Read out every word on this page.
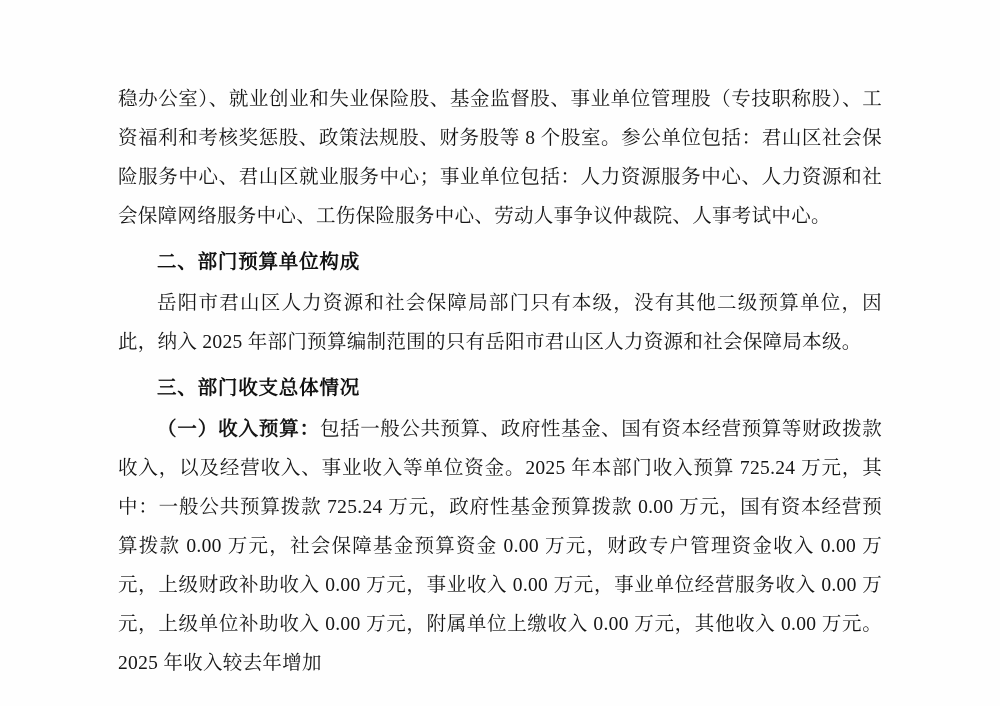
稳办公室）、就业创业和失业保险股、基金监督股、事业单位管理股（专技职称股）、工资福利和考核奖惩股、政策法规股、财务股等 8 个股室。参公单位包括：君山区社会保险服务中心、君山区就业服务中心；事业单位包括：人力资源服务中心、人力资源和社会保障网络服务中心、工伤保险服务中心、劳动人事争议仲裁院、人事考试中心。

二、部门预算单位构成

岳阳市君山区人力资源和社会保障局部门只有本级，没有其他二级预算单位，因此，纳入 2025 年部门预算编制范围的只有岳阳市君山区人力资源和社会保障局本级。

三、部门收支总体情况

（一）收入预算：包括一般公共预算、政府性基金、国有资本经营预算等财政拨款收入，以及经营收入、事业收入等单位资金。2025 年本部门收入预算 725.24 万元，其中：一般公共预算拨款 725.24 万元，政府性基金预算拨款 0.00 万元，国有资本经营预算拨款 0.00 万元，社会保障基金预算资金 0.00 万元，财政专户管理资金收入 0.00 万元，上级财政补助收入 0.00 万元，事业收入 0.00 万元，事业单位经营服务收入 0.00 万元，上级单位补助收入 0.00 万元，附属单位上缴收入 0.00 万元，其他收入 0.00 万元。2025 年收入较去年增加
